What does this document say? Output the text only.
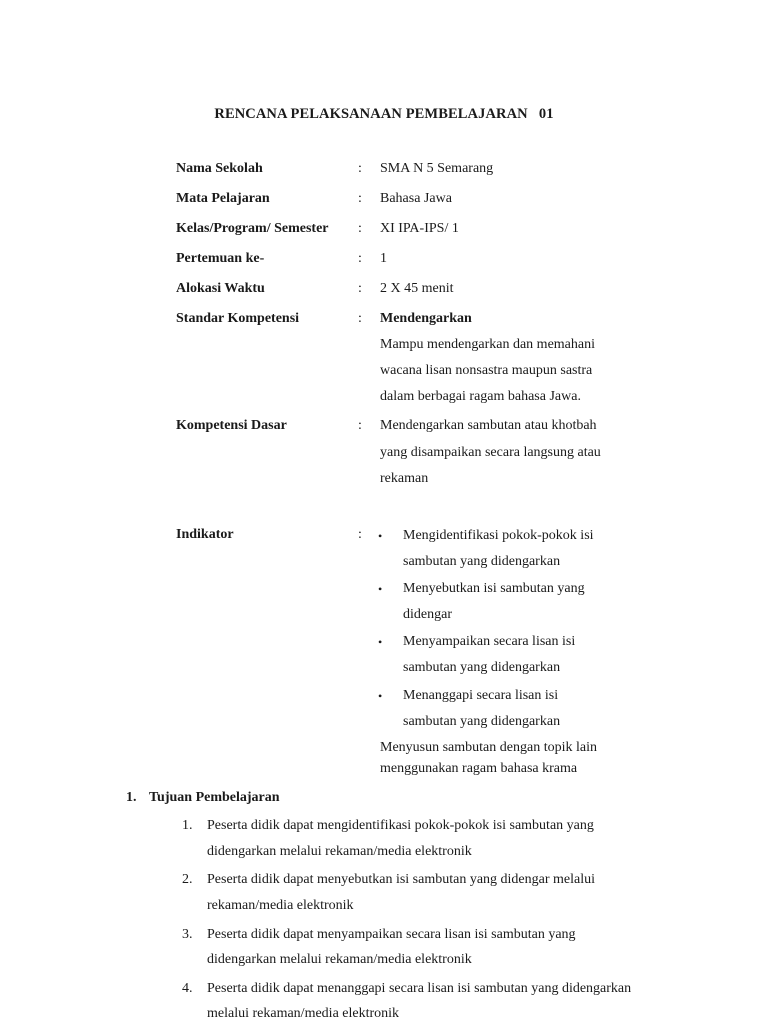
RENCANA PELAKSANAAN PEMBELAJARAN   01
Nama Sekolah	: SMA N 5 Semarang
Mata Pelajaran	: Bahasa Jawa
Kelas/Program/ Semester : XI IPA-IPS/ 1
Pertemuan ke-	: 1
Alokasi Waktu	: 2 X 45 menit
Standar Kompetensi	: Mendengarkan
Mampu mendengarkan dan memahani
wacana lisan nonsastra maupun sastra
dalam berbagai ragam bahasa Jawa.
Kompetensi Dasar	: Mendengarkan sambutan atau khotbah
yang disampaikan secara langsung atau
rekaman
Indikator	: • Mengidentifikasi pokok-pokok isi
sambutan yang didengarkan
• Menyebutkan isi sambutan yang
didengar
• Menyampaikan secara lisan isi
sambutan yang didengarkan
• Menanggapi secara lisan isi
sambutan yang didengarkan
Menyusun sambutan dengan topik lain
menggunakan ragam bahasa krama
1. Tujuan Pembelajaran
1. Peserta didik dapat mengidentifikasi pokok-pokok isi sambutan yang
didengarkan melalui rekaman/media elektronik
2. Peserta didik dapat menyebutkan isi sambutan yang didengar melalui
rekaman/media elektronik
3. Peserta didik dapat menyampaikan secara lisan isi sambutan yang
didengarkan melalui rekaman/media elektronik
4. Peserta didik dapat menanggapi secara lisan isi sambutan yang didengarkan
melalui rekaman/media elektronik
